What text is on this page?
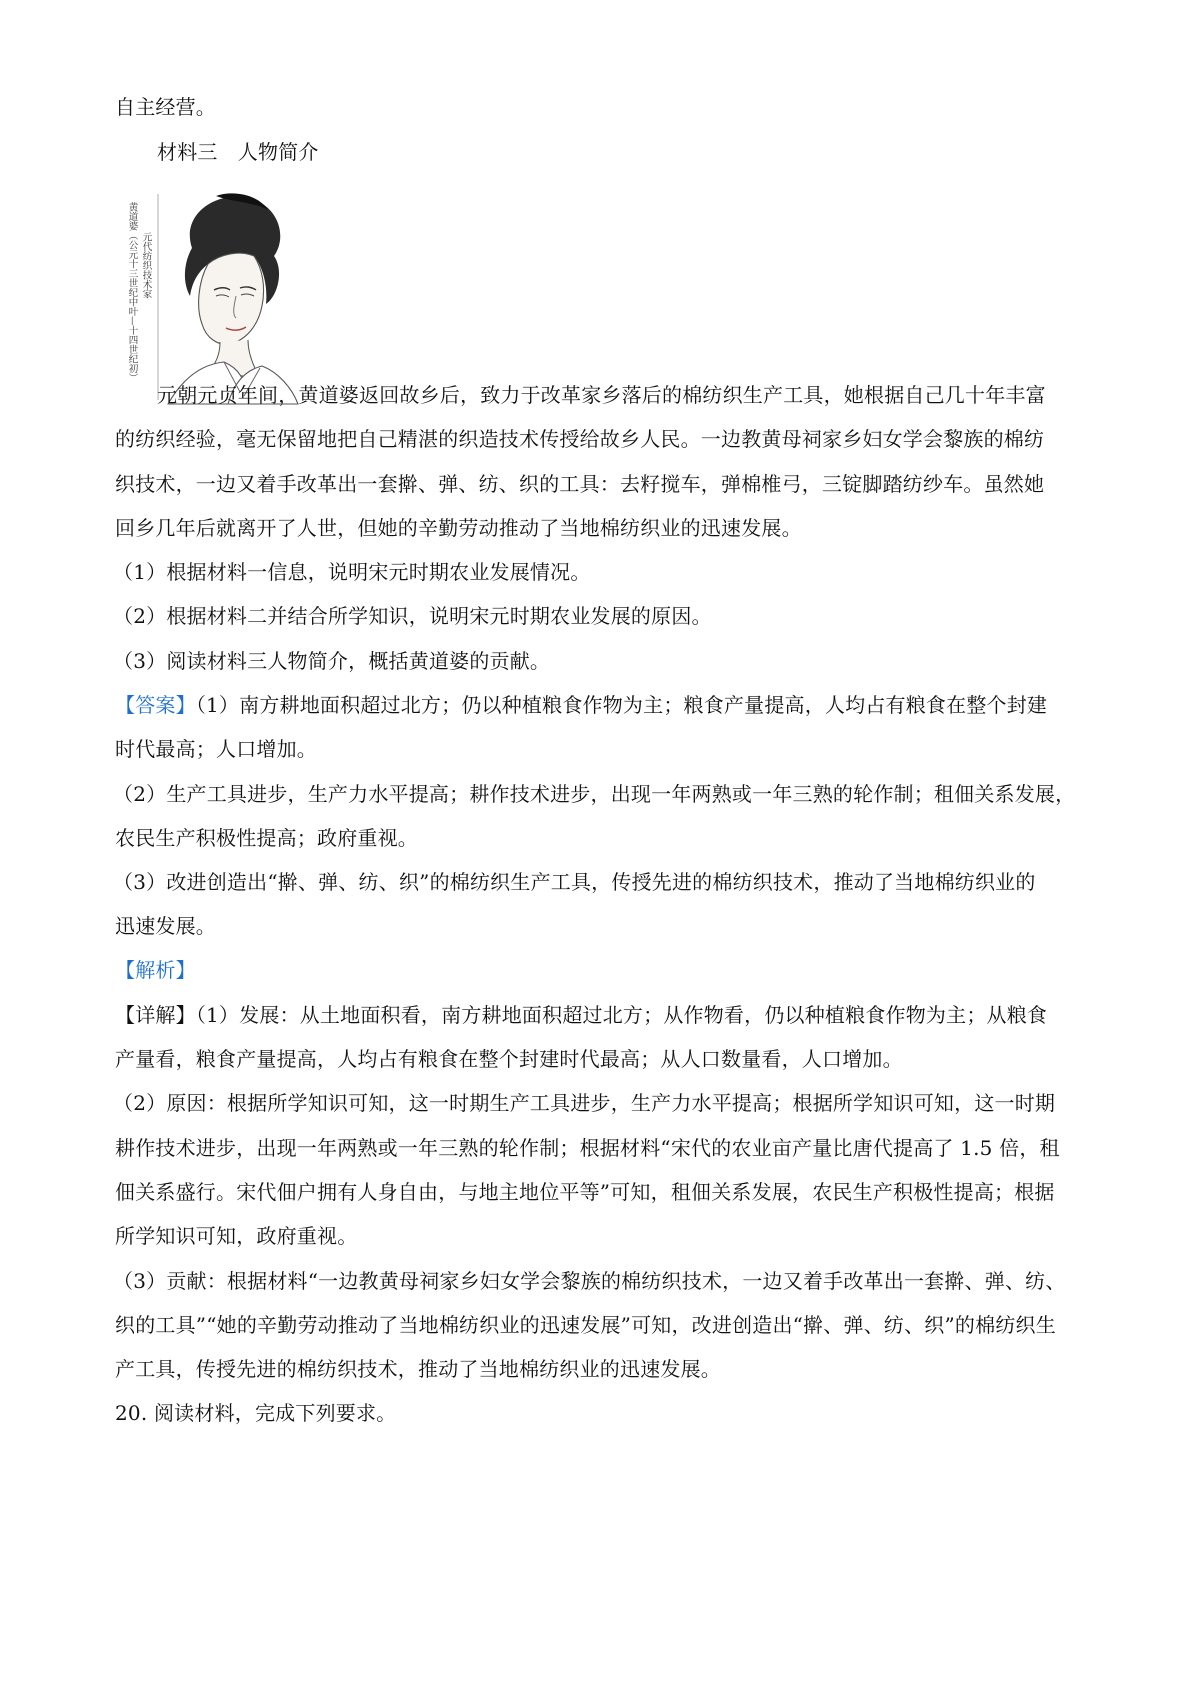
自主经营。

材料三　人物简介

黄道婆（公元十三世纪中叶—十四世纪初） 元代纺织技术家

元朝元贞年间，黄道婆返回故乡后，致力于改革家乡落后的棉纺织生产工具，她根据自己几十年丰富

的纺织经验，毫无保留地把自己精湛的织造技术传授给故乡人民。一边教黄母祠家乡妇女学会黎族的棉纺

织技术，一边又着手改革出一套擀、弹、纺、织的工具：去籽搅车，弹棉椎弓，三锭脚踏纺纱车。虽然她

回乡几年后就离开了人世，但她的辛勤劳动推动了当地棉纺织业的迅速发展。

（1）根据材料一信息，说明宋元时期农业发展情况。

（2）根据材料二并结合所学知识，说明宋元时期农业发展的原因。

（3）阅读材料三人物简介，概括黄道婆的贡献。

【答案】（1）南方耕地面积超过北方；仍以种植粮食作物为主；粮食产量提高，人均占有粮食在整个封建

时代最高；人口增加。

（2）生产工具进步，生产力水平提高；耕作技术进步，出现一年两熟或一年三熟的轮作制；租佃关系发展，

农民生产积极性提高；政府重视。

（3）改进创造出“擀、弹、纺、织”的棉纺织生产工具，传授先进的棉纺织技术，推动了当地棉纺织业的

迅速发展。

【解析】

【详解】（1）发展：从土地面积看，南方耕地面积超过北方；从作物看，仍以种植粮食作物为主；从粮食

产量看，粮食产量提高，人均占有粮食在整个封建时代最高；从人口数量看，人口增加。

（2）原因：根据所学知识可知，这一时期生产工具进步，生产力水平提高；根据所学知识可知，这一时期

耕作技术进步，出现一年两熟或一年三熟的轮作制；根据材料“宋代的农业亩产量比唐代提高了 1.5 倍，租

佃关系盛行。宋代佃户拥有人身自由，与地主地位平等”可知，租佃关系发展，农民生产积极性提高；根据

所学知识可知，政府重视。

（3）贡献：根据材料“一边教黄母祠家乡妇女学会黎族的棉纺织技术，一边又着手改革出一套擀、弹、纺、

织的工具”“她的辛勤劳动推动了当地棉纺织业的迅速发展”可知，改进创造出“擀、弹、纺、织”的棉纺织生

产工具，传授先进的棉纺织技术，推动了当地棉纺织业的迅速发展。

20. 阅读材料，完成下列要求。
